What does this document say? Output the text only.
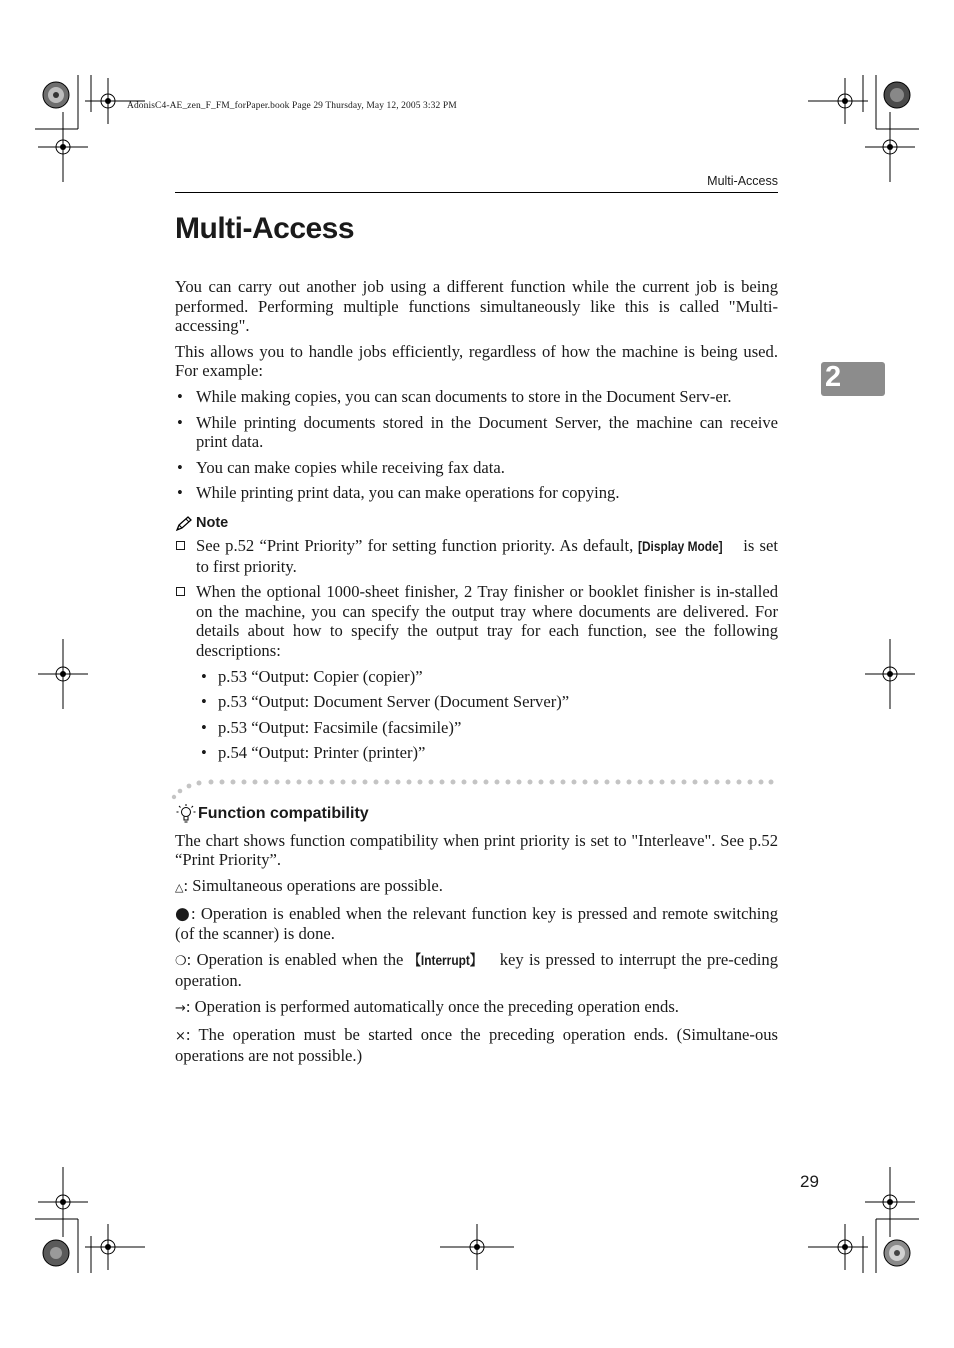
AdonisC4-AE_zen_F_FM_forPaper.book Page 29 Thursday, May 12, 2005 3:32 PM
Multi-Access
Multi-Access
2

You can carry out another job using a different function while the current job is being performed. Performing multiple functions simultaneously like this is called "Multi-accessing".

This allows you to handle jobs efficiently, regardless of how the machine is being used. For example:

• While making copies, you can scan documents to store in the Document Serv-er.
• While printing documents stored in the Document Server, the machine can receive print data.
• You can make copies while receiving fax data.
• While printing print data, you can make operations for copying.
Note
See p.52 “Print Priority” for setting function priority. As default, [Display Mode] is set to first priority.
When the optional 1000-sheet finisher, 2 Tray finisher or booklet finisher is in-stalled on the machine, you can specify the output tray where documents are delivered. For details about how to specify the output tray for each function, see the following descriptions:
• p.53 “Output: Copier (copier)”
• p.53 “Output: Document Server (Document Server)”
• p.53 “Output: Facsimile (facsimile)”
• p.54 “Output: Printer (printer)”
Function compatibility

The chart shows function compatibility when print priority is set to "Interleave". See p.52 “Print Priority”.

△: Simultaneous operations are possible.

●: Operation is enabled when the relevant function key is pressed and remote switching (of the scanner) is done.

❍: Operation is enabled when the 【Interrupt】 key is pressed to interrupt the pre-ceding operation.

→: Operation is performed automatically once the preceding operation ends.

×: The operation must be started once the preceding operation ends. (Simultane-ous operations are not possible.)

29
